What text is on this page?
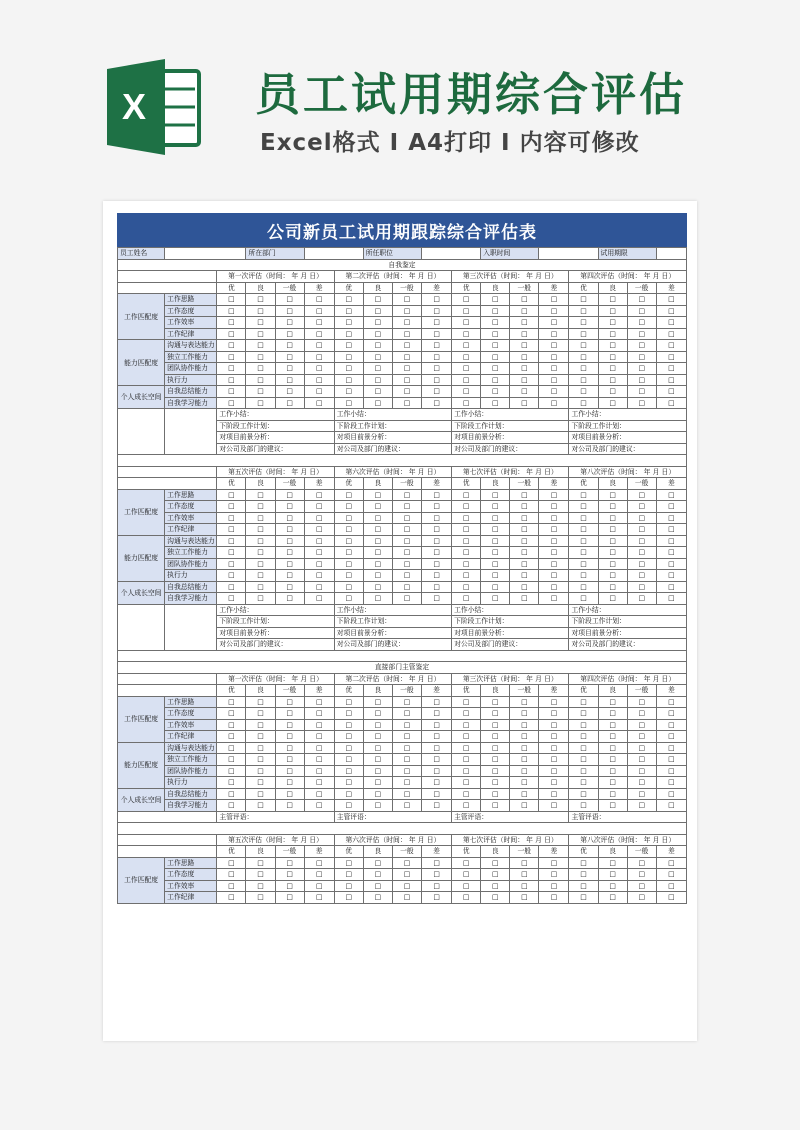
X 员工试用期综合评估
Excel格式 I A4打印 I 内容可修改
公司新员工试用期跟踪综合评估表
员工姓名			所在部门				所任职位				入职时间				试用期限		
自我鉴定																	
		第一次评估（时间： 年 月 日）				第二次评估（时间： 年 月 日）				第三次评估（时间： 年 月 日）				第四次评估（时间： 年 月 日）			
		优	良	一般	差	优	良	一般	差	优	良	一般	差	优	良	一般	差
工作匹配度	工作思路	□	□	□	□	□	□	□	□	□	□	□	□	□	□	□	□
	工作态度	□	□	□	□	□	□	□	□	□	□	□	□	□	□	□	□
	工作效率	□	□	□	□	□	□	□	□	□	□	□	□	□	□	□	□
	工作纪律	□	□	□	□	□	□	□	□	□	□	□	□	□	□	□	□
能力匹配度	沟通与表达能力	□	□	□	□	□	□	□	□	□	□	□	□	□	□	□	□
	独立工作能力	□	□	□	□	□	□	□	□	□	□	□	□	□	□	□	□
	团队协作能力	□	□	□	□	□	□	□	□	□	□	□	□	□	□	□	□
	执行力	□	□	□	□	□	□	□	□	□	□	□	□	□	□	□	□
个人成长空间	自我总结能力	□	□	□	□	□	□	□	□	□	□	□	□	□	□	□	□
	自我学习能力	□	□	□	□	□	□	□	□	□	□	□	□	□	□	□	□
		工作小结：				工作小结：				工作小结：				工作小结：			
		下阶段工作计划：				下阶段工作计划：				下阶段工作计划：				下阶段工作计划：			
		对项目前景分析：				对项目前景分析：				对项目前景分析：				对项目前景分析：			
		对公司及部门的建议：				对公司及部门的建议：				对公司及部门的建议：				对公司及部门的建议：			

		第五次评估（时间： 年 月 日）				第六次评估（时间： 年 月 日）				第七次评估（时间： 年 月 日）				第八次评估（时间： 年 月 日）			
		优	良	一般	差	优	良	一般	差	优	良	一般	差	优	良	一般	差
工作匹配度	工作思路	□	□	□	□	□	□	□	□	□	□	□	□	□	□	□	□
	工作态度	□	□	□	□	□	□	□	□	□	□	□	□	□	□	□	□
	工作效率	□	□	□	□	□	□	□	□	□	□	□	□	□	□	□	□
	工作纪律	□	□	□	□	□	□	□	□	□	□	□	□	□	□	□	□
能力匹配度	沟通与表达能力	□	□	□	□	□	□	□	□	□	□	□	□	□	□	□	□
	独立工作能力	□	□	□	□	□	□	□	□	□	□	□	□	□	□	□	□
	团队协作能力	□	□	□	□	□	□	□	□	□	□	□	□	□	□	□	□
	执行力	□	□	□	□	□	□	□	□	□	□	□	□	□	□	□	□
个人成长空间	自我总结能力	□	□	□	□	□	□	□	□	□	□	□	□	□	□	□	□
	自我学习能力	□	□	□	□	□	□	□	□	□	□	□	□	□	□	□	□
		工作小结：				工作小结：				工作小结：				工作小结：			
		下阶段工作计划：				下阶段工作计划：				下阶段工作计划：				下阶段工作计划：			
		对项目前景分析：				对项目前景分析：				对项目前景分析：				对项目前景分析：			
		对公司及部门的建议：				对公司及部门的建议：				对公司及部门的建议：				对公司及部门的建议：			

直接部门主管鉴定																	
		第一次评估（时间： 年 月 日）				第二次评估（时间： 年 月 日）				第三次评估（时间： 年 月 日）				第四次评估（时间： 年 月 日）			
		优	良	一般	差	优	良	一般	差	优	良	一般	差	优	良	一般	差
工作匹配度	工作思路	□	□	□	□	□	□	□	□	□	□	□	□	□	□	□	□
	工作态度	□	□	□	□	□	□	□	□	□	□	□	□	□	□	□	□
	工作效率	□	□	□	□	□	□	□	□	□	□	□	□	□	□	□	□
	工作纪律	□	□	□	□	□	□	□	□	□	□	□	□	□	□	□	□
能力匹配度	沟通与表达能力	□	□	□	□	□	□	□	□	□	□	□	□	□	□	□	□
	独立工作能力	□	□	□	□	□	□	□	□	□	□	□	□	□	□	□	□
	团队协作能力	□	□	□	□	□	□	□	□	□	□	□	□	□	□	□	□
	执行力	□	□	□	□	□	□	□	□	□	□	□	□	□	□	□	□
个人成长空间	自我总结能力	□	□	□	□	□	□	□	□	□	□	□	□	□	□	□	□
	自我学习能力	□	□	□	□	□	□	□	□	□	□	□	□	□	□	□	□
		主管评语：				主管评语：				主管评语：				主管评语：			

		第五次评估（时间： 年 月 日）				第六次评估（时间： 年 月 日）				第七次评估（时间： 年 月 日）				第八次评估（时间： 年 月 日）			
		优	良	一般	差	优	良	一般	差	优	良	一般	差	优	良	一般	差
工作匹配度	工作思路	□	□	□	□	□	□	□	□	□	□	□	□	□	□	□	□
	工作态度	□	□	□	□	□	□	□	□	□	□	□	□	□	□	□	□
	工作效率	□	□	□	□	□	□	□	□	□	□	□	□	□	□	□	□
	工作纪律	□	□	□	□	□	□	□	□	□	□	□	□	□	□	□	□
